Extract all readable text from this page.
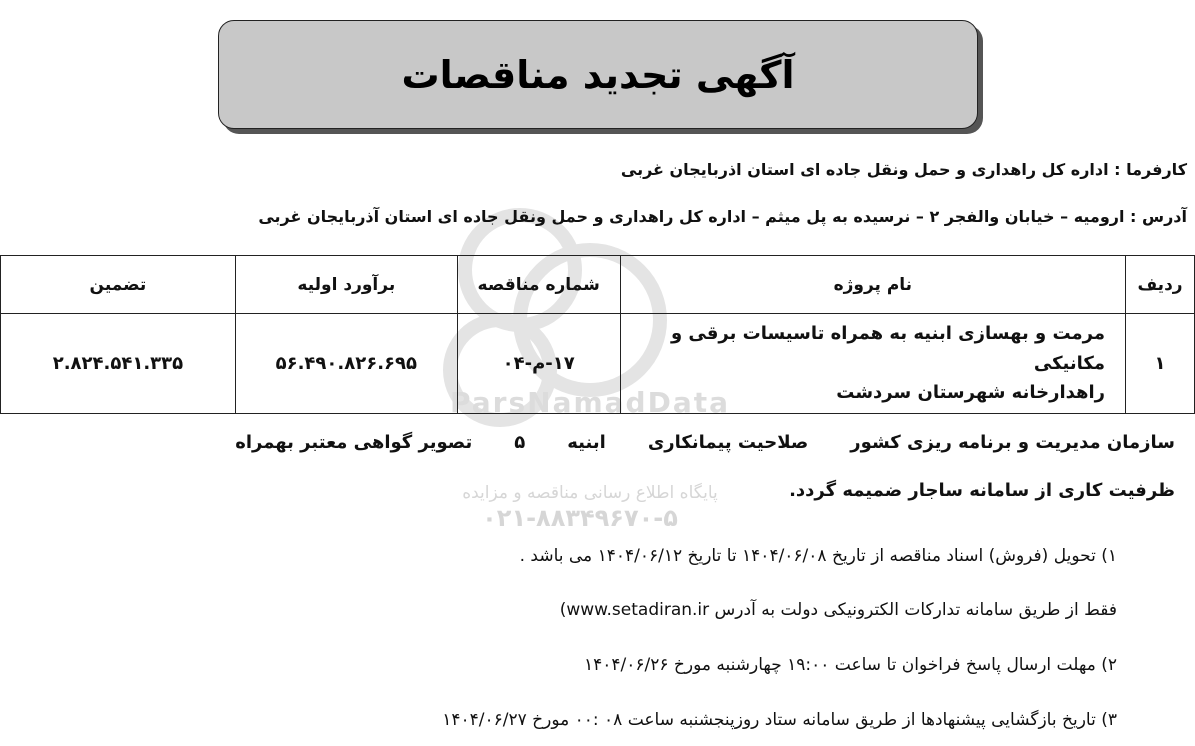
ParsNamadData
پایگاه اطلاع رسانی مناقصه و مزایده
۰۲۱-۸۸۳۴۹۶۷۰-۵
آگهی تجدید مناقصات
کارفرما : اداره کل راهداری و حمل ونقل جاده ای استان اذربایجان غربی
آدرس : ارومیه – خیابان والفجر ۲ – نرسیده به پل میثم – اداره کل راهداری و حمل ونقل جاده ای استان آذربایجان غربی
ردیف	نام پروژه	شماره مناقصه	برآورد اولیه	تضمین
۱	مرمت و بهسازی ابنیه به همراه تاسیسات برقی و مکانیکی
راهدارخانه شهرستان سردشت	۱۷-م-۰۴	۵۶.۴۹۰.۸۲۶.۶۹۵	۲.۸۲۴.۵۴۱.۳۳۵
سازمان مدیریت و برنامه ریزی کشورصلاحیت پیمانکاریابنیه۵تصویر گواهی معتبر بهمراه
ظرفیت کاری از سامانه ساجار ضمیمه گردد.
۱) تحویل (فروش) اسناد مناقصه از تاریخ ۱۴۰۴/۰۶/۰۸ تا تاریخ ۱۴۰۴/۰۶/۱۲ می باشد .
فقط از طریق سامانه تدارکات الکترونیکی دولت به آدرس www.setadiran.ir)
۲) مهلت ارسال پاسخ فراخوان تا ساعت ۱۹:۰۰ چهارشنبه مورخ ۱۴۰۴/۰۶/۲۶
۳) تاریخ بازگشایی پیشنهادها از طریق سامانه ستاد روزپنجشنبه ساعت ۰۸ :۰۰ مورخ ۱۴۰۴/۰۶/۲۷
